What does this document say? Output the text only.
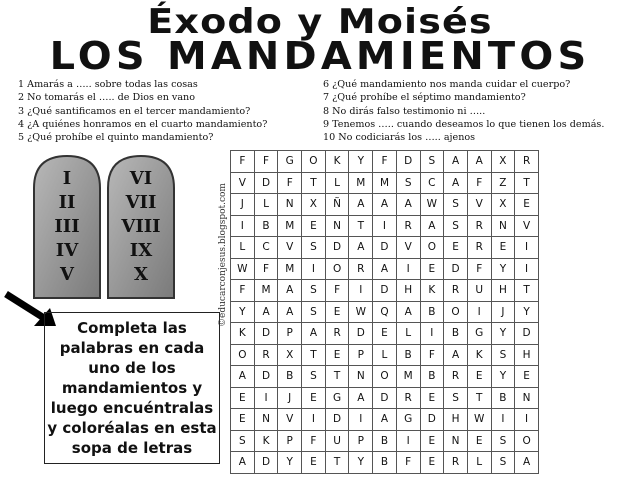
Éxodo y Moisés
LOS MANDAMIENTOS
1 Amarás a ….. sobre todas las cosas
2 No tomarás el ….. de Dios en vano
3 ¿Qué santificamos en el tercer mandamiento?
4 ¿A quiénes honramos en el cuarto mandamiento?
5 ¿Qué prohíbe el quinto mandamiento?
6 ¿Qué mandamiento nos manda cuidar el cuerpo?
7 ¿Qué prohíbe el séptimo mandamiento?
8 No dirás falso testimonio ni …..
9 Tenemos ….. cuando deseamos lo que tienen los demás.
10 No codiciarás los ….. ajenos
I
II
III
IV
V
VI
VII
VIII
IX
X
Completa las palabras en cada uno de los mandamientos y luego encuéntralas y coloréalas en esta sopa de letras
©educarconjesus.blogspot.com
F	F	G	O	K	Y	F	D	S	A	A	X	R
V	D	F	T	L	M	M	S	C	A	F	Z	T
J	L	N	X	Ñ	A	A	A	W	S	V	X	E
I	B	M	E	N	T	I	R	A	S	R	N	V
L	C	V	S	D	A	D	V	O	E	R	E	I
W	F	M	I	O	R	A	I	E	D	F	Y	I
F	M	A	S	F	I	D	H	K	R	U	H	T
Y	A	A	S	E	W	Q	A	B	O	I	J	Y
K	D	P	A	R	D	E	L	I	B	G	Y	D
O	R	X	T	E	P	L	B	F	A	K	S	H
A	D	B	S	T	N	O	M	B	R	E	Y	E
E	I	J	E	G	A	D	R	E	S	T	B	N
E	N	V	I	D	I	A	G	D	H	W	I	I
S	K	P	F	U	P	B	I	E	N	E	S	O
A	D	Y	E	T	Y	B	F	E	R	L	S	A
